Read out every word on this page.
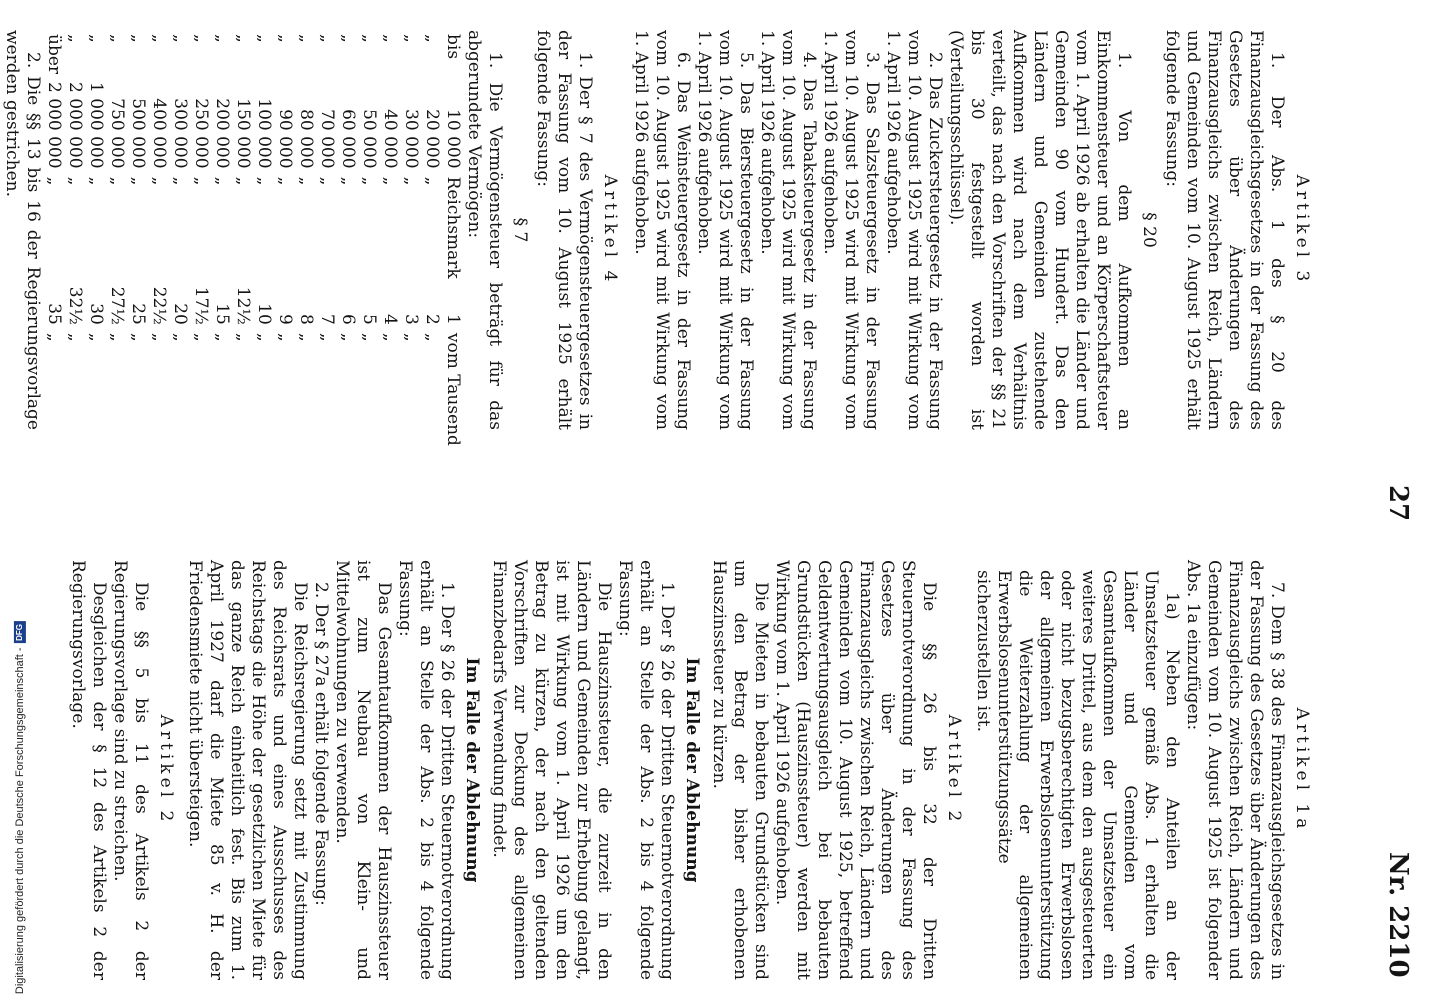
27
Nr. 2210

Artikel 3

1. Der Abs. 1 des § 20 des Finanzausgleichsgesetzes in der Fassung des Gesetzes über Änderungen des Finanzausgleichs zwischen Reich, Ländern und Gemeinden vom 10. August 1925 erhält folgende Fassung:

§ 20

1. Von dem Aufkommen an Einkommensteuer und an Körperschaftsteuer vom 1. April 1926 ab erhalten die Länder und Gemeinden 90 vom Hundert. Das den Ländern und Gemeinden zustehende Aufkommen wird nach dem Verhältnis verteilt, das nach den Vorschriften der §§ 21 bis 30 festgestellt worden ist (Verteilungsschlüssel).

2. Das Zuckersteuergesetz in der Fassung vom 10. August 1925 wird mit Wirkung vom 1. April 1926 aufgehoben.

3. Das Salzsteuergesetz in der Fassung vom 10. August 1925 wird mit Wirkung vom 1. April 1926 aufgehoben.

4. Das Tabaksteuergesetz in der Fassung vom 10. August 1925 wird mit Wirkung vom 1. April 1926 aufgehoben.

5. Das Biersteuergesetz in der Fassung vom 10. August 1925 wird mit Wirkung vom 1. April 1926 aufgehoben.

6. Das Weinsteuergesetz in der Fassung vom 10. August 1925 wird mit Wirkung vom 1. April 1926 aufgehoben.

Artikel 4

1. Der § 7 des Vermögensteuergesetzes in der Fassung vom 10. August 1925 erhält folgende Fassung:

§ 7

1. Die Vermögensteuer beträgt für das abgerundete Vermögen:

bis	10 000	Reichsmark	1	vom Tausend
„	20 000	„	2	„
„	30 000	„	3	„
„	40 000	„	4	„
„	50 000	„	5	„
„	60 000	„	6	„
„	70 000	„	7	„
„	80 000	„	8	„
„	90 000	„	9	„
„	100 000	„	10	„
„	150 000	„	12½	„
„	200 000	„	15	„
„	250 000	„	17½	„
„	300 000	„	20	„
„	400 000	„	22½	„
„	500 000	„	25	„
„	750 000	„	27½	„
„	1 000 000	„	30	„
„	2 000 000	„	32½	„
über	2 000 000	„	35	„

2. Die §§ 13 bis 16 der Regierungsvorlage werden gestrichen.

Artikel 1a

7. Dem § 38 des Finanzausgleichsgesetzes in der Fassung des Gesetzes über Änderungen des Finanzausgleichs zwischen Reich, Ländern und Gemeinden vom 10. August 1925 ist folgender Abs. 1a einzufügen:

1a) Neben den Anteilen an der Umsatzsteuer gemäß Abs. 1 erhalten die Länder und Gemeinden vom Gesamtaufkommen der Umsatzsteuer ein weiteres Drittel, aus dem den ausgesteuerten oder nicht bezugsberechtigten Erwerbslosen der allgemeinen Erwerbslosenunterstützung die Weiterzahlung der allgemeinen Erwerbslosenunterstützungssätze sicherzustellen ist.

Artikel 2

Die §§ 26 bis 32 der Dritten Steuernotverordnung in der Fassung des Gesetzes über Änderungen des Finanzausgleichs zwischen Reich, Ländern und Gemeinden vom 10. August 1925, betreffend Geldentwertungsausgleich bei bebauten Grundstücken (Hauszinssteuer) werden mit Wirkung vom 1. April 1926 aufgehoben.

Die Mieten in bebauten Grundstücken sind um den Betrag der bisher erhobenen Hauszinssteuer zu kürzen.

Im Falle der Ablehnung

1. Der § 26 der Dritten Steuernotverordnung erhält an Stelle der Abs. 2 bis 4 folgende Fassung:

Die Hauszinssteuer, die zurzeit in den Ländern und Gemeinden zur Erhebung gelangt, ist mit Wirkung vom 1. April 1926 um den Betrag zu kürzen, der nach den geltenden Vorschriften zur Deckung des allgemeinen Finanzbedarfs Verwendung findet.

Im Falle der Ablehnung

1. Der § 26 der Dritten Steuernotverordnung erhält an Stelle der Abs. 2 bis 4 folgende Fassung:

Das Gesamtaufkommen der Hauszinssteuer ist zum Neubau von Klein- und Mittelwohnungen zu verwenden.

2. Der § 27a erhält folgende Fassung:

Die Reichsregierung setzt mit Zustimmung des Reichsrats und eines Ausschusses des Reichstags die Höhe der gesetzlichen Miete für das ganze Reich einheitlich fest. Bis zum 1. April 1927 darf die Miete 85 v. H. der Friedensmiete nicht übersteigen.

Artikel 2

Die §§ 5 bis 11 des Artikels 2 der Regierungsvorlage sind zu streichen.

Desgleichen der § 12 des Artikels 2 der Regierungsvorlage.

Digitalisierung gefördert durch die Deutsche Forschungsgemeinschaft -DFG
